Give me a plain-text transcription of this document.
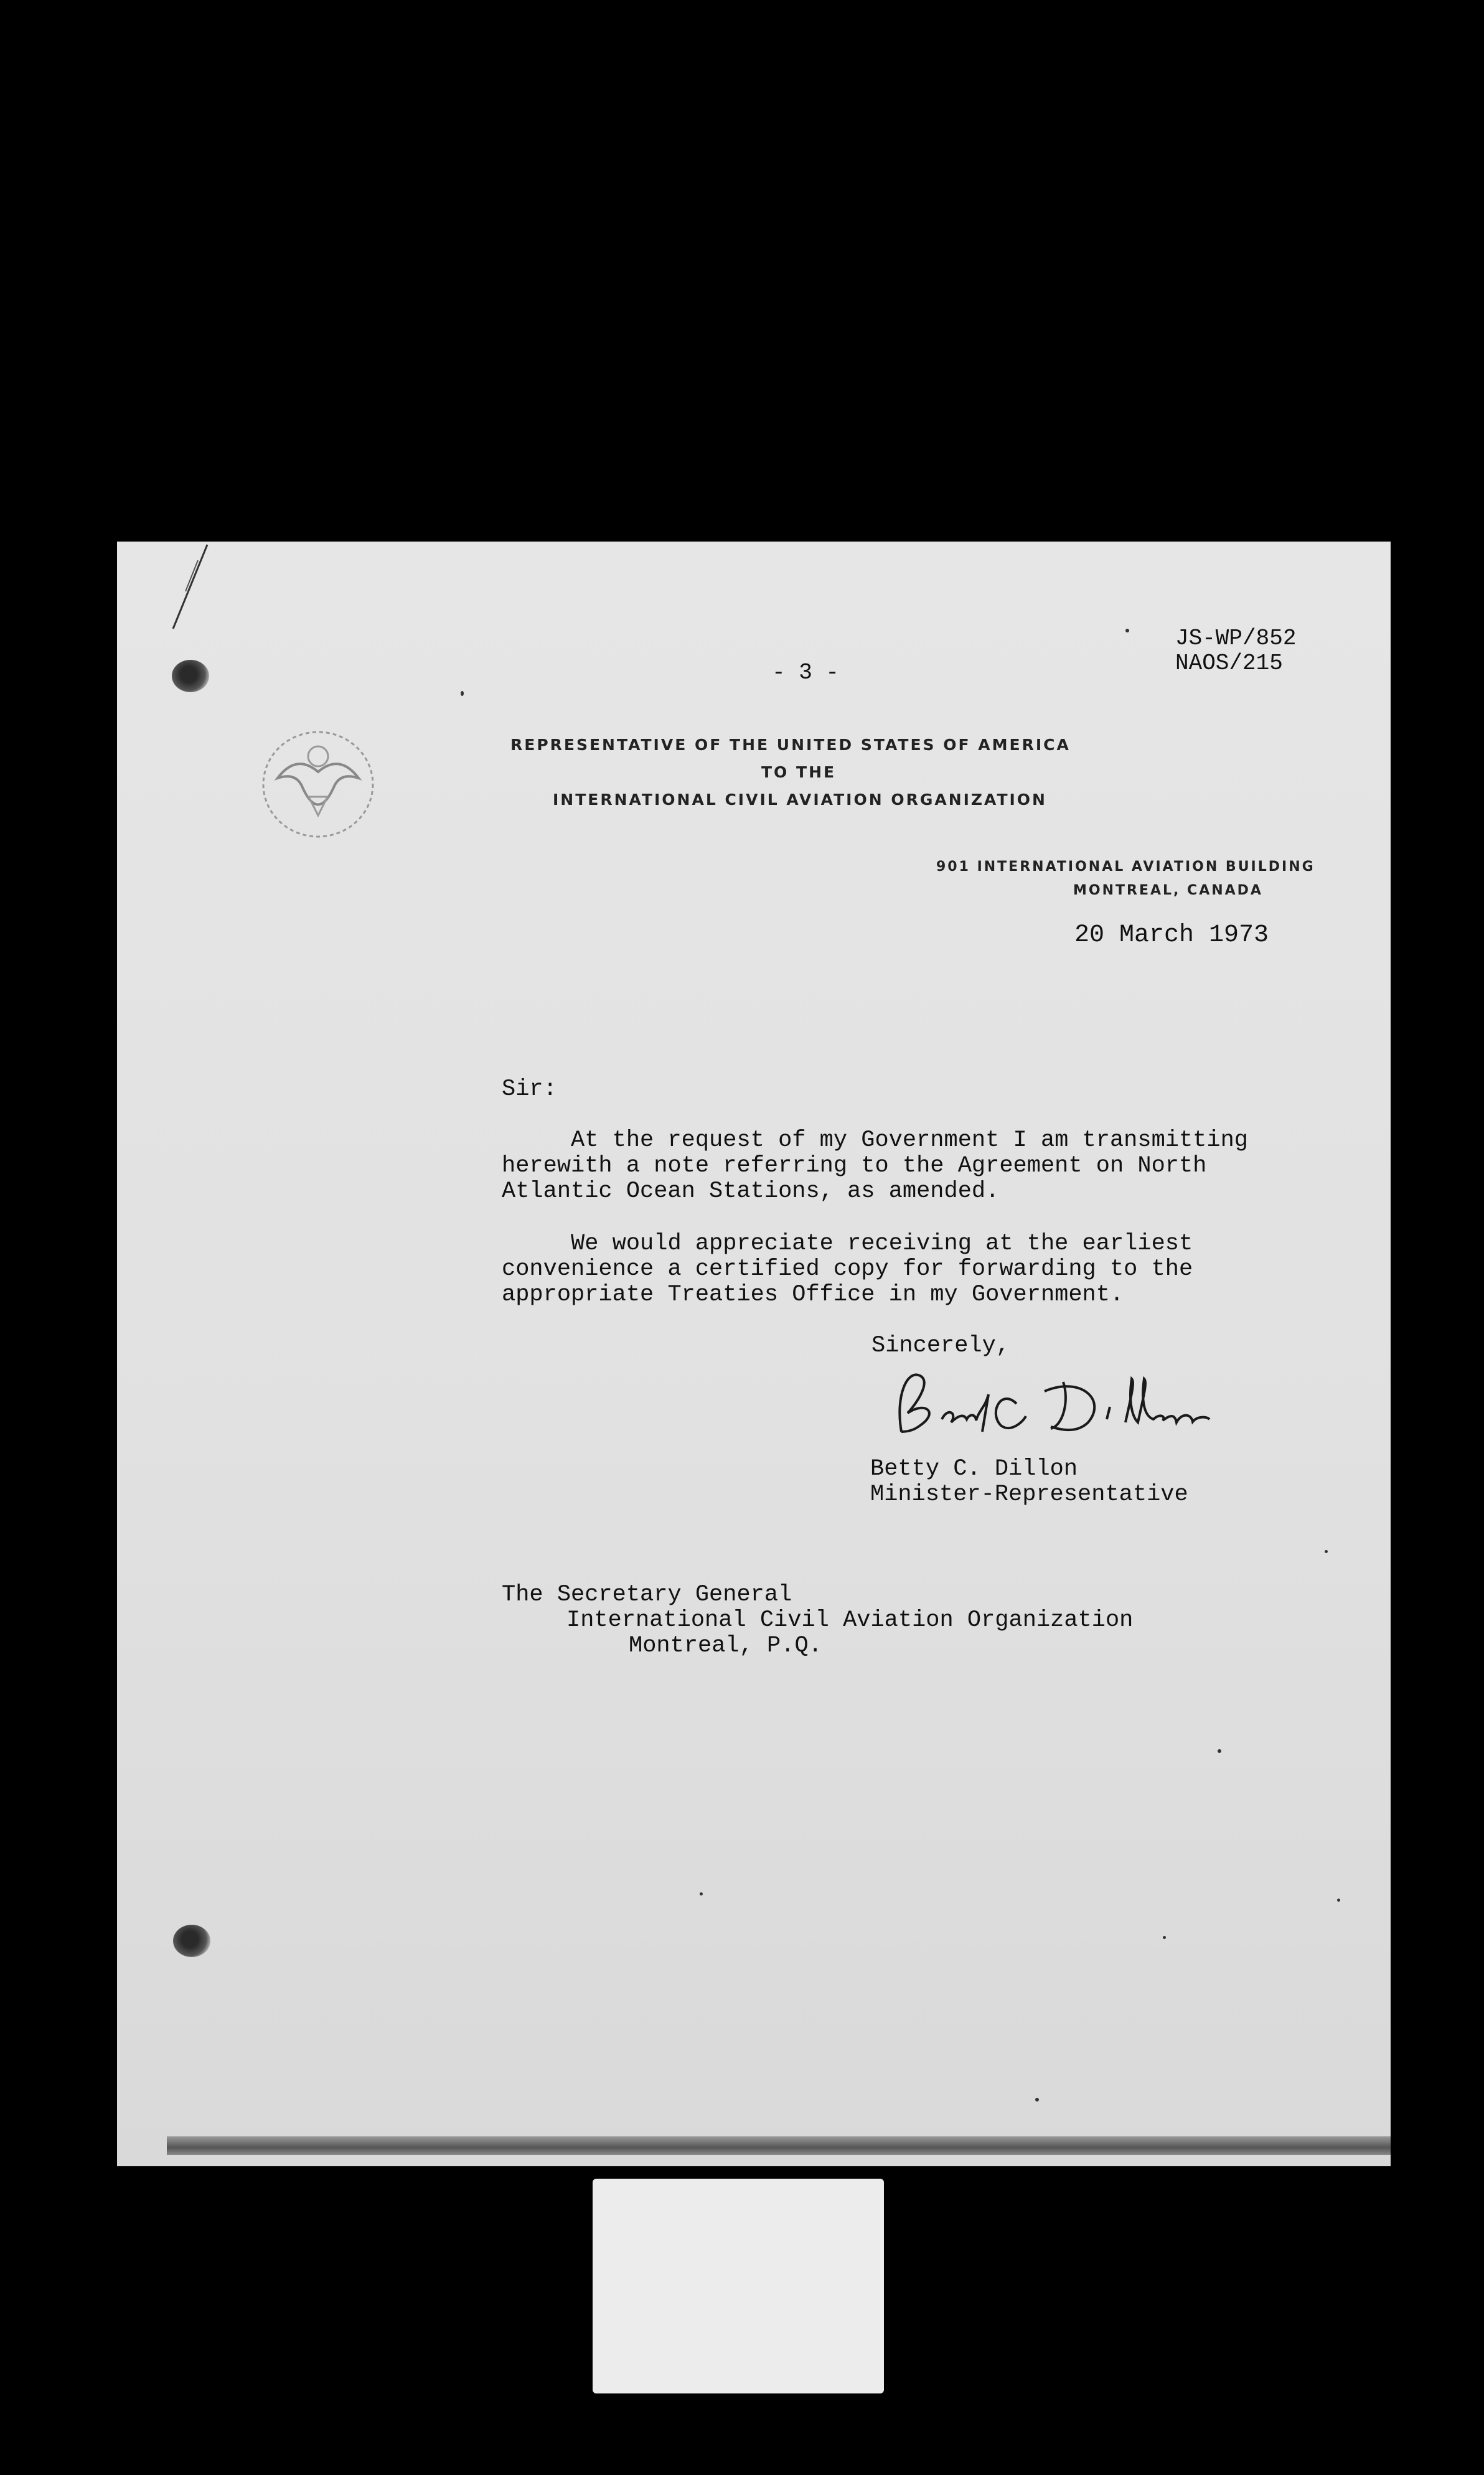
JS-WP/852
NAOS/215
- 3 -
REPRESENTATIVE OF THE UNITED STATES OF AMERICA
TO THE
INTERNATIONAL CIVIL AVIATION ORGANIZATION
901 INTERNATIONAL AVIATION BUILDING
MONTREAL, CANADA
20 March 1973
Sir:
At the request of my Government I am transmitting
herewith a note referring to the Agreement on North
Atlantic Ocean Stations, as amended.
We would appreciate receiving at the earliest
convenience a certified copy for forwarding to the
appropriate Treaties Office in my Government.
Sincerely,
Betty C. Dillon
Minister-Representative
The Secretary General
International Civil Aviation Organization
Montreal, P.Q.
